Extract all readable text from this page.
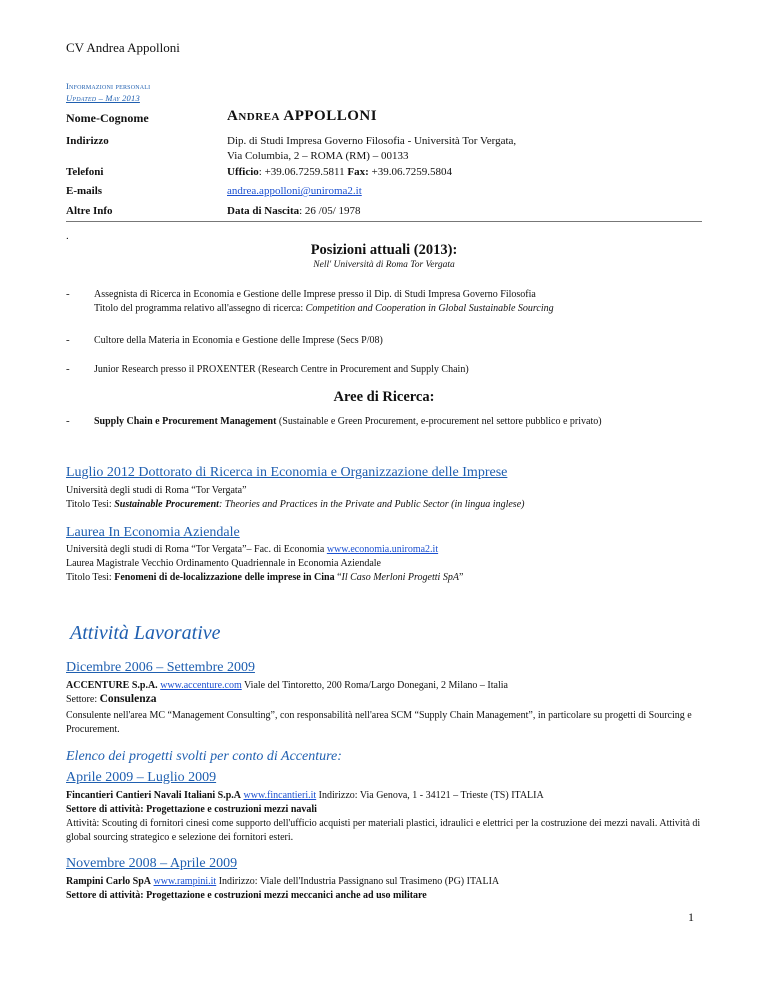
CV Andrea Appolloni
Informazioni personali
Updated – May 2013
Nome-Cognome	Andrea APPOLLONI
Indirizzo	Dip. di Studi Impresa Governo Filosofia - Università Tor Vergata,
Via Columbia, 2 – ROMA (RM) – 00133
Telefoni	Ufficio: +39.06.7259.5811 Fax: +39.06.7259.5804
E-mails	andrea.appolloni@uniroma2.it
Altre Info	Data di Nascita: 26 /05/ 1978
.
Posizioni attuali (2013):
Nell' Università di Roma Tor Vergata
- Assegnista di Ricerca in Economia e Gestione delle Imprese presso il Dip. di Studi Impresa Governo Filosofia
Titolo del programma relativo all'assegno di ricerca: Competition and Cooperation in Global Sustainable Sourcing
- Cultore della Materia in Economia e Gestione delle Imprese (Secs P/08)
- Junior Research presso il PROXENTER (Research Centre in Procurement and Supply Chain)
Aree di Ricerca:
- Supply Chain e Procurement Management (Sustainable e Green Procurement, e-procurement nel settore pubblico e privato)
Luglio 2012 Dottorato di Ricerca in Economia e Organizzazione delle Imprese
Università degli studi di Roma “Tor Vergata”
Titolo Tesi: Sustainable Procurement: Theories and Practices in the Private and Public Sector (in lingua inglese)
Laurea In Economia Aziendale
Università degli studi di Roma “Tor Vergata”– Fac. di Economia www.economia.uniroma2.it
Laurea Magistrale Vecchio Ordinamento Quadriennale in Economia Aziendale
Titolo Tesi: Fenomeni di de-localizzazione delle imprese in Cina “Il Caso Merloni Progetti SpA”
Attività Lavorative
Dicembre 2006 – Settembre 2009
ACCENTURE S.p.A. www.accenture.com Viale del Tintoretto, 200 Roma/Largo Donegani, 2 Milano – Italia
Settore: Consulenza
Consulente nell'area MC “Management Consulting”, con responsabilità nell'area SCM “Supply Chain Management”, in particolare su progetti di Sourcing e Procurement.
Elenco dei progetti svolti per conto di Accenture:
Aprile 2009 – Luglio 2009
Fincantieri Cantieri Navali Italiani S.p.A www.fincantieri.it Indirizzo: Via Genova, 1 - 34121 – Trieste (TS) ITALIA
Settore di attività: Progettazione e costruzioni mezzi navali
Attività: Scouting di fornitori cinesi come supporto dell'ufficio acquisti per materiali plastici, idraulici e elettrici per la costruzione dei mezzi navali. Attività di global sourcing strategico e selezione dei fornitori esteri.
Novembre 2008 – Aprile 2009
Rampini Carlo SpA www.rampini.it Indirizzo: Viale dell'Industria Passignano sul Trasimeno (PG) ITALIA
Settore di attività: Progettazione e costruzioni mezzi meccanici anche ad uso militare
1
